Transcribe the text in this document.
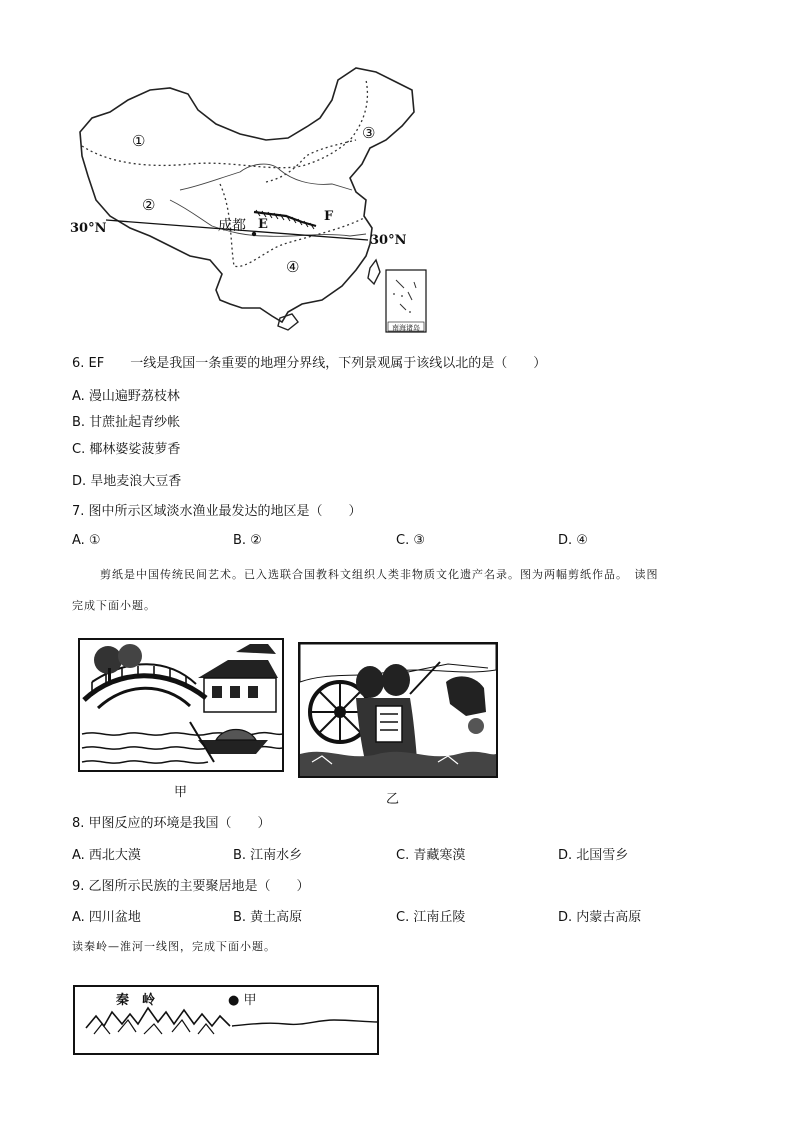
①
②
③
④
30°N
30°N
成都 E
F
南海诸岛
6. EF　　一线是我国一条重要的地理分界线，下列景观属于该线以北的是（　　）
A. 漫山遍野荔枝林
B. 甘蔗扯起青纱帐
C. 椰林婆娑菠萝香
D. 旱地麦浪大豆香
7. 图中所示区域淡水渔业最发达的地区是（　　）
A. ①	B. ②	C. ③	D. ④
剪纸是中国传统民间艺术。已入选联合国教科文组织人类非物质文化遗产名录。图为两幅剪纸作品。　读图
完成下面小题。
甲	乙
8. 甲图反应的环境是我国（　　）
A. 西北大漠	B. 江南水乡	C. 青藏寒漠	D. 北国雪乡
9. 乙图所示民族的主要聚居地是（　　）
A. 四川盆地	B. 黄土高原	C. 江南丘陵	D. 内蒙古高原
读秦岭—淮河一线图，完成下面小题。
秦　岭	● 甲
